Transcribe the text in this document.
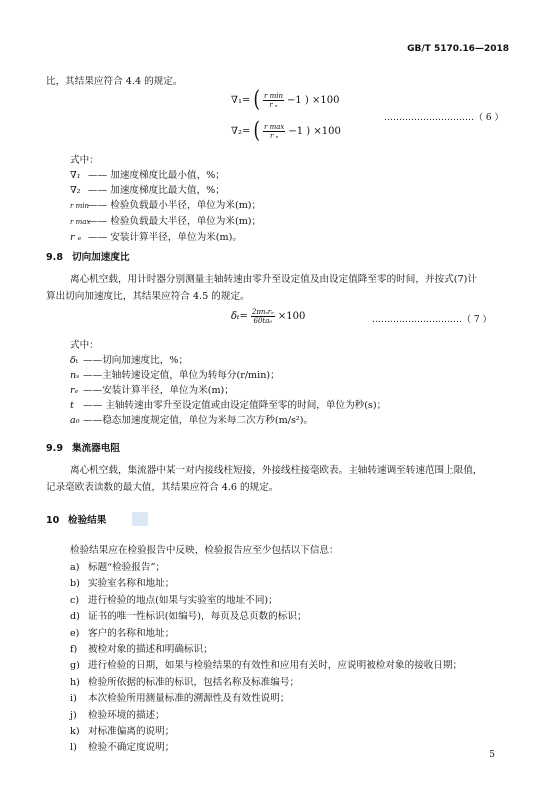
GB/T 5170.16—2018
比，其结果应符合 4.4 的规定。
∇₁= ( $\frac{\text{r min}}{\text{r ₑ}} -1$ ) ×100
…………………………（ 6 ）
∇₂= ( $\frac{\text{r max}}{\text{r ₑ}} -1$ ) ×100
式中：
∇₁ —— 加速度梯度比最小值，%；
∇₂ —— 加速度梯度比最大值，%；
r min—— 检验负载最小半径，单位为米(m)；
r max—— 检验负载最大半径，单位为米(m)；
r ₑ —— 安装计算半径，单位为米(m)。
9.8 切向加速度比
离心机空载，用计时器分别测量主轴转速由零升至设定值及由设定值降至零的时间，并按式(7)计
算出切向加速度比，其结果应符合 4.5 的规定。
$\delta_t= \frac{\text{2πnₛrₑ}}{\text{60ta₀}} \times 100$	…………………………（ 7 ）
式中：
δₜ ——切向加速度比，%；
nₛ ——主轴转速设定值，单位为转每分(r/min)；
rₑ ——安装计算半径，单位为米(m)；
t —— 主轴转速由零升至设定值或由设定值降至零的时间，单位为秒(s)；
a₀ ——稳态加速度规定值，单位为米每二次方秒(m/s²)。
9.9 集流器电阻
离心机空载，集流器中某一对内接线柱短接，外接线柱接毫欧表。主轴转速调至转速范围上限值，
记录毫欧表读数的最大值，其结果应符合 4.6 的规定。
10 检验结果
检验结果应在检验报告中反映，检验报告应至少包括以下信息：
a) 标题“检验报告”；
b) 实验室名称和地址；
c) 进行检验的地点(如果与实验室的地址不同)；
d) 证书的唯一性标识(如编号)，每页及总页数的标识；
e) 客户的名称和地址；
f) 被检对象的描述和明确标识；
g) 进行检验的日期，如果与检验结果的有效性和应用有关时，应说明被检对象的接收日期；
h) 检验所依据的标准的标识，包括名称及标准编号；
i) 本次检验所用测量标准的溯源性及有效性说明；
j) 检验环境的描述；
k) 对标准偏离的说明；
l) 检验不确定度说明；
5
